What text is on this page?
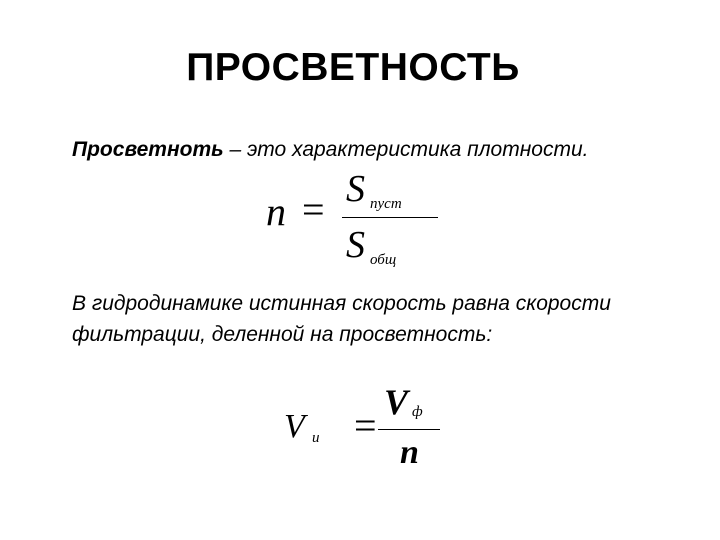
ПРОСВЕТНОСТЬ
Просветноть – это характеристика плотности.
n = S пуст
S общ
В гидродинамике истинная скорость равна скорости фильтрации, деленной на просветность:
V и =
V ф
n
